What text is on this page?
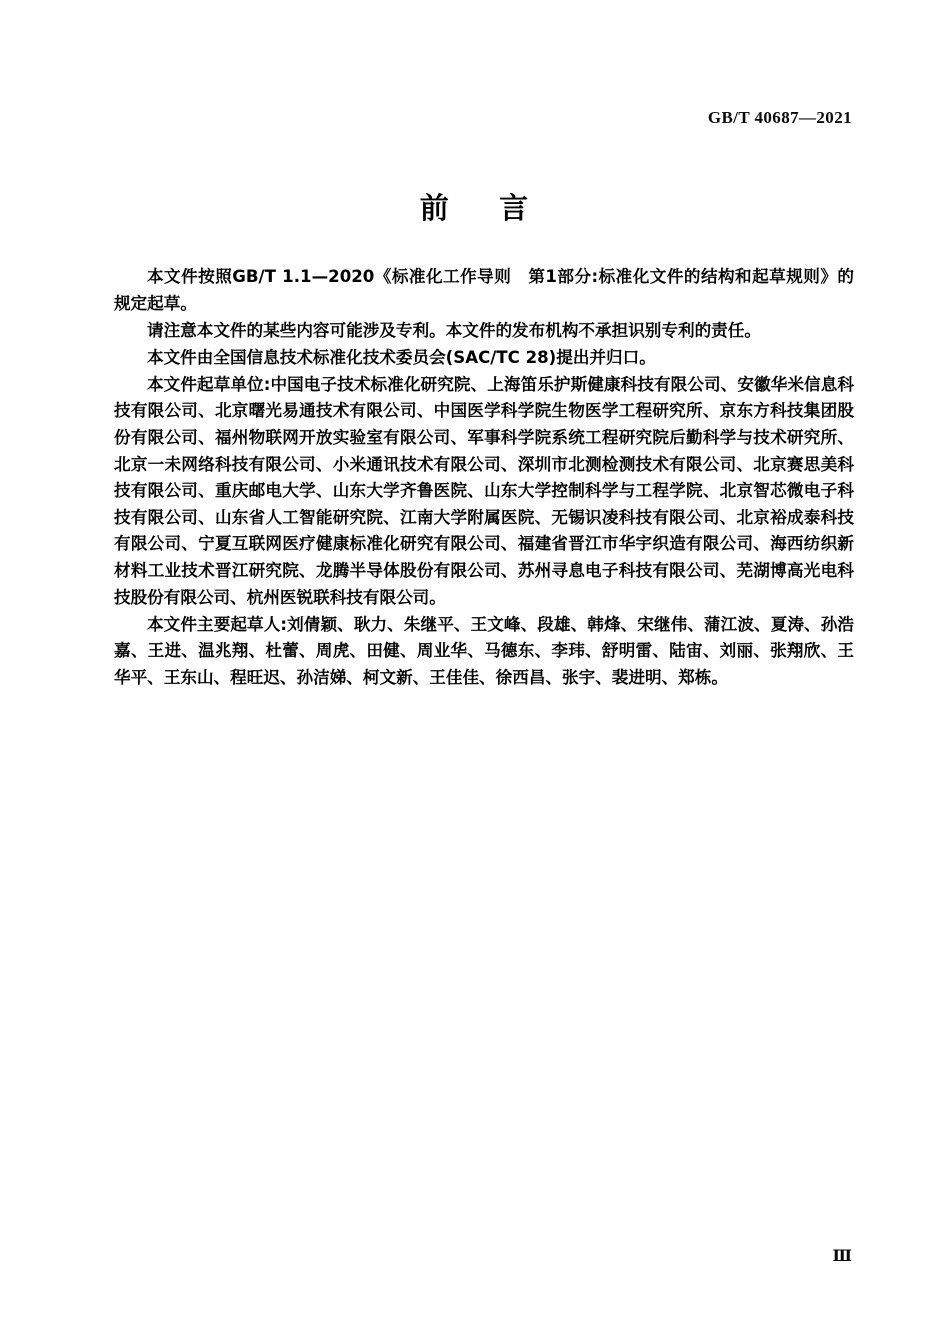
GB/T 40687—2021
前    言

本文件按照GB/T 1.1—2020《标准化工作导则　第1部分:标准化文件的结构和起草规则》的规定起草。

请注意本文件的某些内容可能涉及专利。本文件的发布机构不承担识别专利的责任。

本文件由全国信息技术标准化技术委员会(SAC/TC 28)提出并归口。

本文件起草单位:中国电子技术标准化研究院、上海笛乐护斯健康科技有限公司、安徽华米信息科技有限公司、北京曙光易通技术有限公司、中国医学科学院生物医学工程研究所、京东方科技集团股份有限公司、福州物联网开放实验室有限公司、军事科学院系统工程研究院后勤科学与技术研究所、北京一未网络科技有限公司、小米通讯技术有限公司、深圳市北测检测技术有限公司、北京赛思美科技有限公司、重庆邮电大学、山东大学齐鲁医院、山东大学控制科学与工程学院、北京智芯微电子科技有限公司、山东省人工智能研究院、江南大学附属医院、无锡识凌科技有限公司、北京裕成泰科技有限公司、宁夏互联网医疗健康标准化研究有限公司、福建省晋江市华宇织造有限公司、海西纺织新材料工业技术晋江研究院、龙腾半导体股份有限公司、苏州寻息电子科技有限公司、芜湖博高光电科技股份有限公司、杭州医锐联科技有限公司。

本文件主要起草人:刘倩颖、耿力、朱继平、王文峰、段雄、韩烽、宋继伟、蒲江波、夏涛、孙浩嘉、王进、温兆翔、杜蕾、周虎、田健、周业华、马德东、李玮、舒明雷、陆宙、刘丽、张翔欣、王华平、王东山、程旺迟、孙洁娣、柯文新、王佳佳、徐西昌、张宇、裴进明、郑栋。

Ⅲ
